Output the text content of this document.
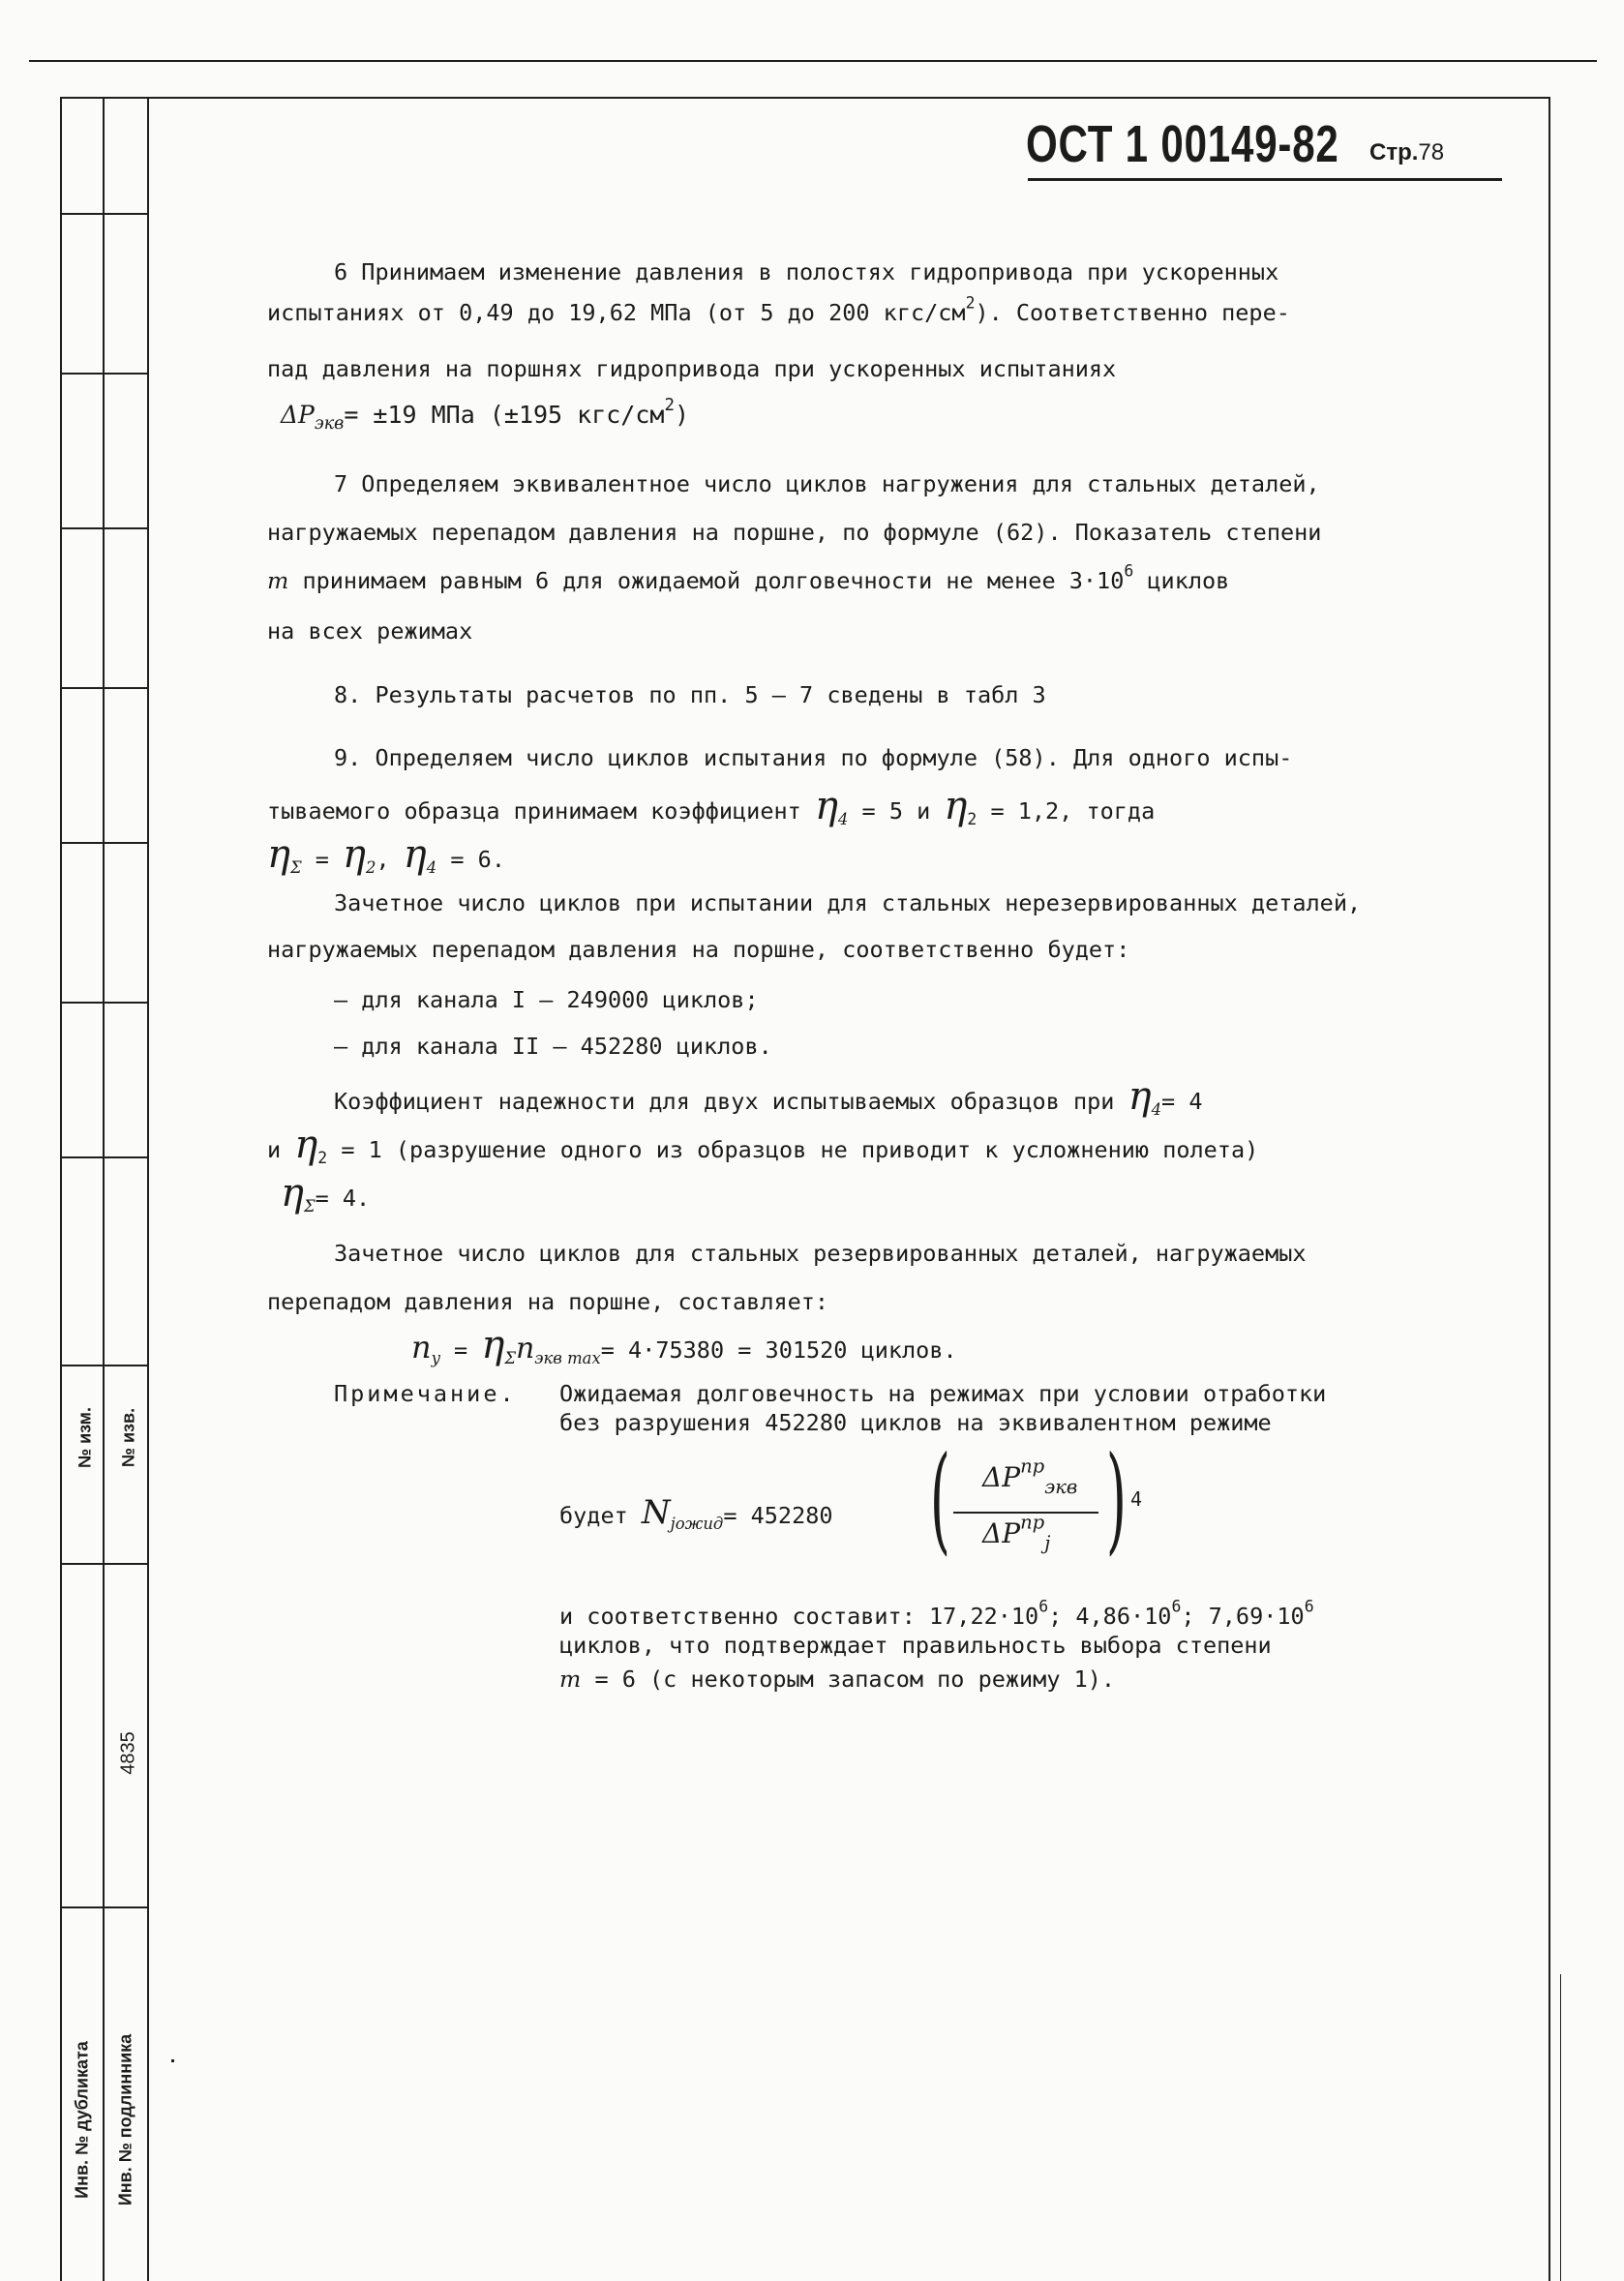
№ изм. № изв.
4835
Инв. № дубликата Инв. № подлинника
ОСТ 1 00149-82 Стр.78
6 Принимаем изменение давления в полостях гидропривода при ускоренных
испытаниях от 0,49 до 19,62 МПа (от 5 до 200 кгс/$см^2$). Соответственно пере-
пад давления на поршнях гидропривода при ускоренных испытаниях
$\Delta P_{экв}= \pm 19$ МПа (±195 кгс/$см^2$)
7 Определяем эквивалентное число циклов нагружения для стальных деталей,
нагружаемых перепадом давления на поршне, по формуле (62). Показатель степени
m принимаем равным 6 для ожидаемой долговечности не менее $3\cdot 10^6$ циклов
на всех режимах
8. Результаты расчетов по пп. 5 – 7 сведены в табл 3
9. Определяем число циклов испытания по формуле (58). Для одного испы-
тываемого образца принимаем коэффициент $\eta_4 = 5$ и $\eta_2 = 1,2$, тогда
$\eta_\Sigma = \eta_2$, $\eta_4 = 6$.
Зачетное число циклов при испытании для стальных нерезервированных деталей,
нагружаемых перепадом давления на поршне, соответственно будет:
– для канала I – 249000 циклов;
– для канала II – 452280 циклов.
Коэффициент надежности для двух испытываемых образцов при $\eta_4= 4$
и $\eta_2 = 1$ (разрушение одного из образцов не приводит к усложнению полета)
$\eta_\Sigma= 4$.
Зачетное число циклов для стальных резервированных деталей, нагружаемых
перепадом давления на поршне, составляет:
$n_y = \eta_\Sigma n_{экв max}= 4\cdot 75380 = 301520$ циклов.
Примечание. Ожидаемая долговечность на режимах при условии отработки
без разрушения 452280 циклов на эквивалентном режиме
будет $N_{jожид}= 452280$ ( )
$\Delta P^{пр}_{экв}$
$\Delta P^{пр}_j$
4
и соответственно составит: $17,22\cdot 10^6$; $4,86\cdot 10^6$; $7,69\cdot 10^6$
циклов, что подтверждает правильность выбора степени
m = 6 (с некоторым запасом по режиму 1).
